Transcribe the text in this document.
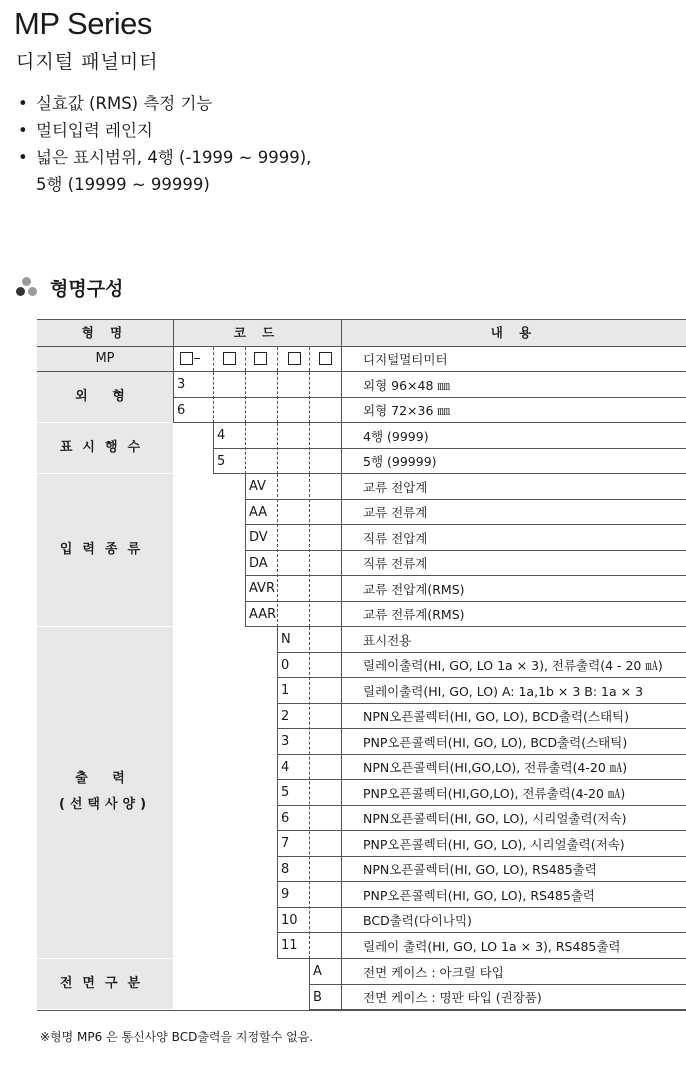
MP Series
디지털 패널미터
• 실효값 (RMS) 측정 기능
• 멀티입력 레인지
• 넓은 표시범위, 4행 (-1999 ~ 9999),
5행 (19999 ~ 99999)
형명구성
형 명	코 드	내 용
MP	디지털멀티미터
외 형
3	외형 96×48 ㎜
6	외형 72×36 ㎜
표시행수
4	4행 (9999)
5	5행 (99999)
입력종류
AV	교류 전압계
AA	교류 전류계
DV	직류 전압계
DA	직류 전류계
AVR	교류 전압계(RMS)
AAR	교류 전류계(RMS)
출 력
(선택사양)
N	표시전용
0	릴레이출력(HI, GO, LO 1a × 3), 전류출력(4 - 20 ㎃)
1	릴레이출력(HI, GO, LO) A: 1a,1b × 3 B: 1a × 3
2	NPN오픈콜렉터(HI, GO, LO), BCD출력(스태틱)
3	PNP오픈콜렉터(HI, GO, LO), BCD출력(스태틱)
4	NPN오픈콜렉터(HI,GO,LO), 전류출력(4-20 ㎃)
5	PNP오픈콜렉터(HI,GO,LO), 전류출력(4-20 ㎃)
6	NPN오픈콜렉터(HI, GO, LO), 시리얼출력(저속)
7	PNP오픈콜렉터(HI, GO, LO), 시리얼출력(저속)
8	NPN오픈콜렉터(HI, GO, LO), RS485출력
9	PNP오픈콜렉터(HI, GO, LO), RS485출력
10	BCD출력(다이나믹)
11	릴레이 출력(HI, GO, LO 1a × 3), RS485출력
전면구분
A	전면 케이스 : 아크릴 타입
B	전면 케이스 : 명판 타입 (권장품)
※형명 MP6 은 통신사양 BCD출력을 지정할수 없음.
